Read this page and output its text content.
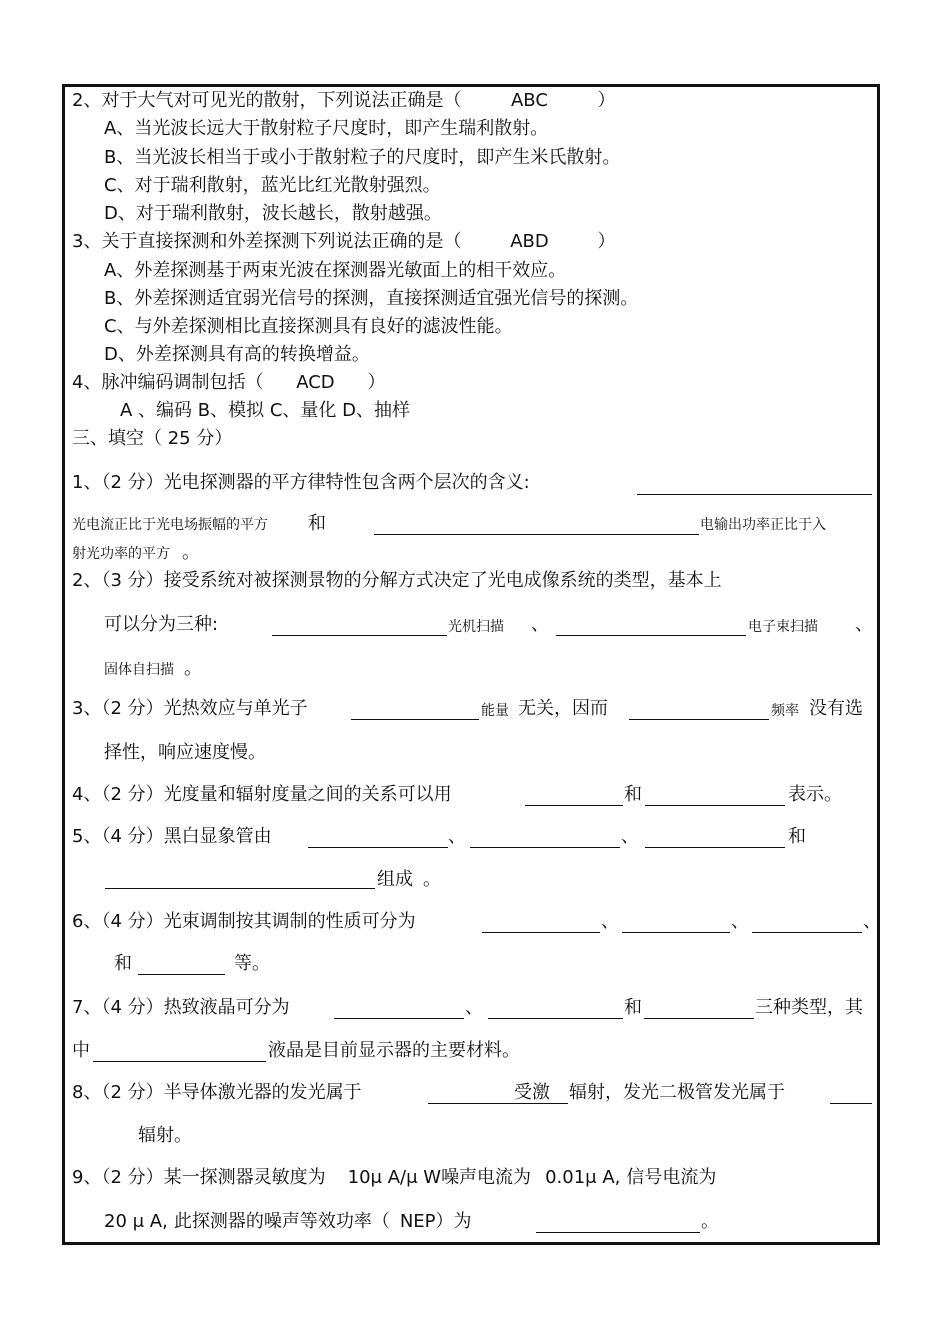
2、对于大气对可见光的散射，下列说法正确是（	ABC	）
A、当光波长远大于散射粒子尺度时，即产生瑞利散射。
B、当光波长相当于或小于散射粒子的尺度时，即产生米氏散射。
C、对于瑞利散射，蓝光比红光散射强烈。
D、对于瑞利散射，波长越长，散射越强。
3、关于直接探测和外差探测下列说法正确的是（	ABD	）
A、外差探测基于两束光波在探测器光敏面上的相干效应。
B、外差探测适宜弱光信号的探测，直接探测适宜强光信号的探测。
C、与外差探测相比直接探测具有良好的滤波性能。
D、外差探测具有高的转换增益。
4、脉冲编码调制包括（ ACD ）
A 、编码 B、模拟 C、量化 D、抽样
三、填空（ 25 分）
1、（2 分）光电探测器的平方律特性包含两个层次的含义:
光电流正比于光电场振幅的平方 和	电输出功率正比于入
射光功率的平方 。
2、（3 分）接受系统对被探测景物的分解方式决定了光电成像系统的类型，基本上
可以分为三种:	光机扫描 、	电子束扫描 、
固体自扫描 。
3、（2 分）光热效应与单光子	能量 无关，因而	频率 没有选
择性，响应速度慢。
4、（2 分）光度量和辐射度量之间的关系可以用	和	表示。
5、（4 分）黑白显象管由	、	、	和
组成 。
6、（4 分）光束调制按其调制的性质可分为	、	、	、
和	等。
7、（4 分）热致液晶可分为	、	和	三种类型，其
中	液晶是目前显示器的主要材料。
8、（2 分）半导体激光器的发光属于	受激 辐射，发光二极管发光属于
辐射。
9、（2 分）某一探测器灵敏度为 10μ A/μ W噪声电流为 0.01μ A, 信号电流为
20 μ A, 此探测器的噪声等效功率（ NEP）为	。
